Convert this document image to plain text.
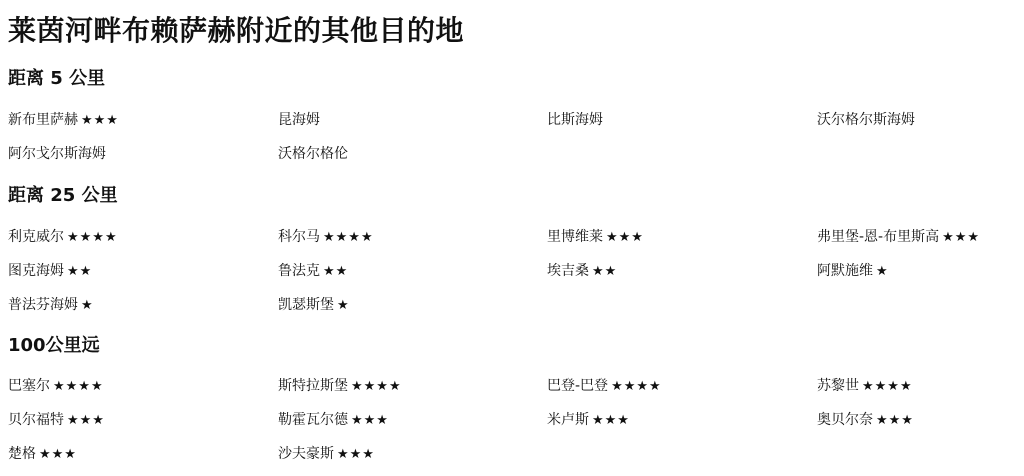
莱茵河畔布赖萨赫附近的其他目的地
距离 5 公里
新布里萨赫 ★★★	昆海姆	比斯海姆	沃尔格尔斯海姆
阿尔戈尔斯海姆	沃格尔格伦
距离 25 公里
利克威尔 ★★★★	科尔马 ★★★★	里博维莱 ★★★	弗里堡-恩-布里斯高 ★★★
图克海姆 ★★	鲁法克 ★★	埃吉桑 ★★	阿默施维 ★
普法芬海姆 ★	凯瑟斯堡 ★
100公里远
巴塞尔 ★★★★	斯特拉斯堡 ★★★★	巴登-巴登 ★★★★	苏黎世 ★★★★
贝尔福特 ★★★	勒霍瓦尔德 ★★★	米卢斯 ★★★	奥贝尔奈 ★★★
楚格 ★★★	沙夫豪斯 ★★★
